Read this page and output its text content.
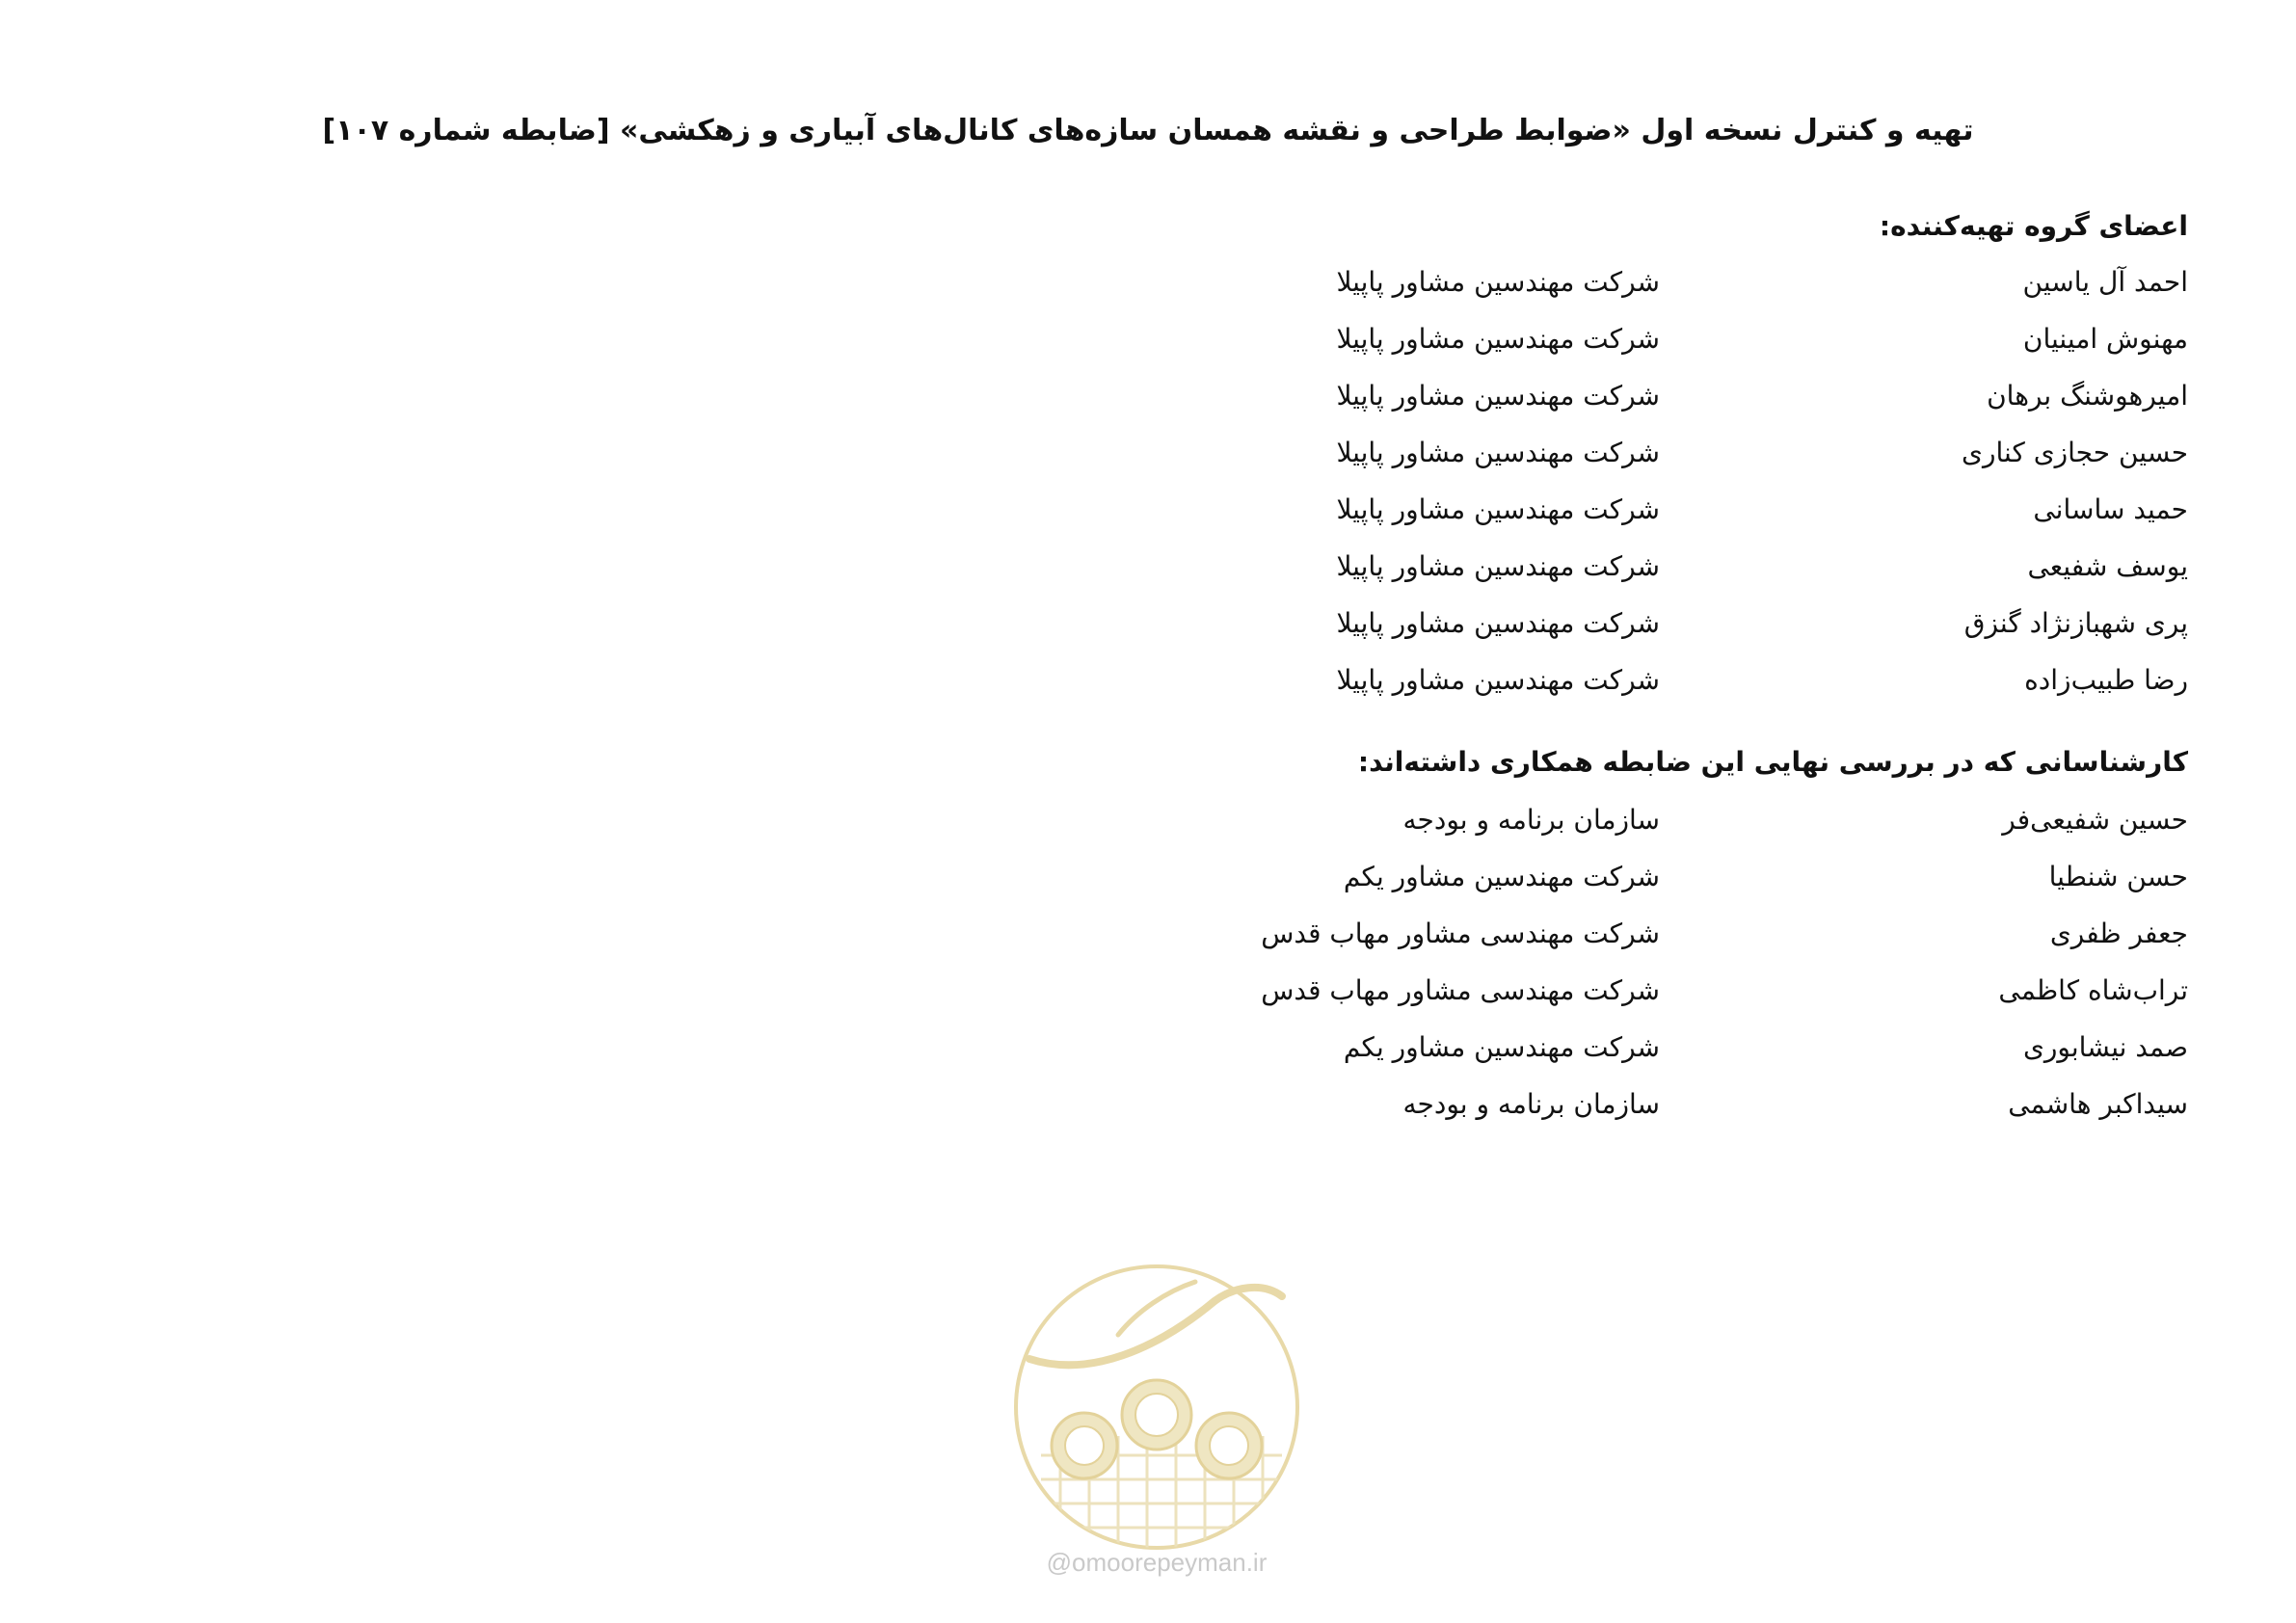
تهیه و کنترل نسخه اول «ضوابط طراحی و نقشه همسان سازه‌های کانال‌های آبیاری و زهکشی» [ضابطه شماره ۱۰۷]
اعضای گروه تهیه‌کننده:
احمد آل یاسین
شرکت مهندسین مشاور پاپیلا
مهنوش امینیان
شرکت مهندسین مشاور پاپیلا
امیرهوشنگ برهان
شرکت مهندسین مشاور پاپیلا
حسین حجازی کناری
شرکت مهندسین مشاور پاپیلا
حمید ساسانی
شرکت مهندسین مشاور پاپیلا
یوسف شفیعی
شرکت مهندسین مشاور پاپیلا
پری شهبازنژاد گنزق
شرکت مهندسین مشاور پاپیلا
رضا طبیب‌زاده
شرکت مهندسین مشاور پاپیلا
کارشناسانی که در بررسی نهایی این ضابطه همکاری داشته‌اند:
حسین شفیعی‌فر
سازمان برنامه و بودجه
حسن شنطیا
شرکت مهندسین مشاور یکم
جعفر ظفری
شرکت مهندسی مشاور مهاب قدس
تراب‌شاه کاظمی
شرکت مهندسی مشاور مهاب قدس
صمد نیشابوری
شرکت مهندسین مشاور یکم
سیداکبر هاشمی
سازمان برنامه و بودجه
@omoorepeyman.ir
